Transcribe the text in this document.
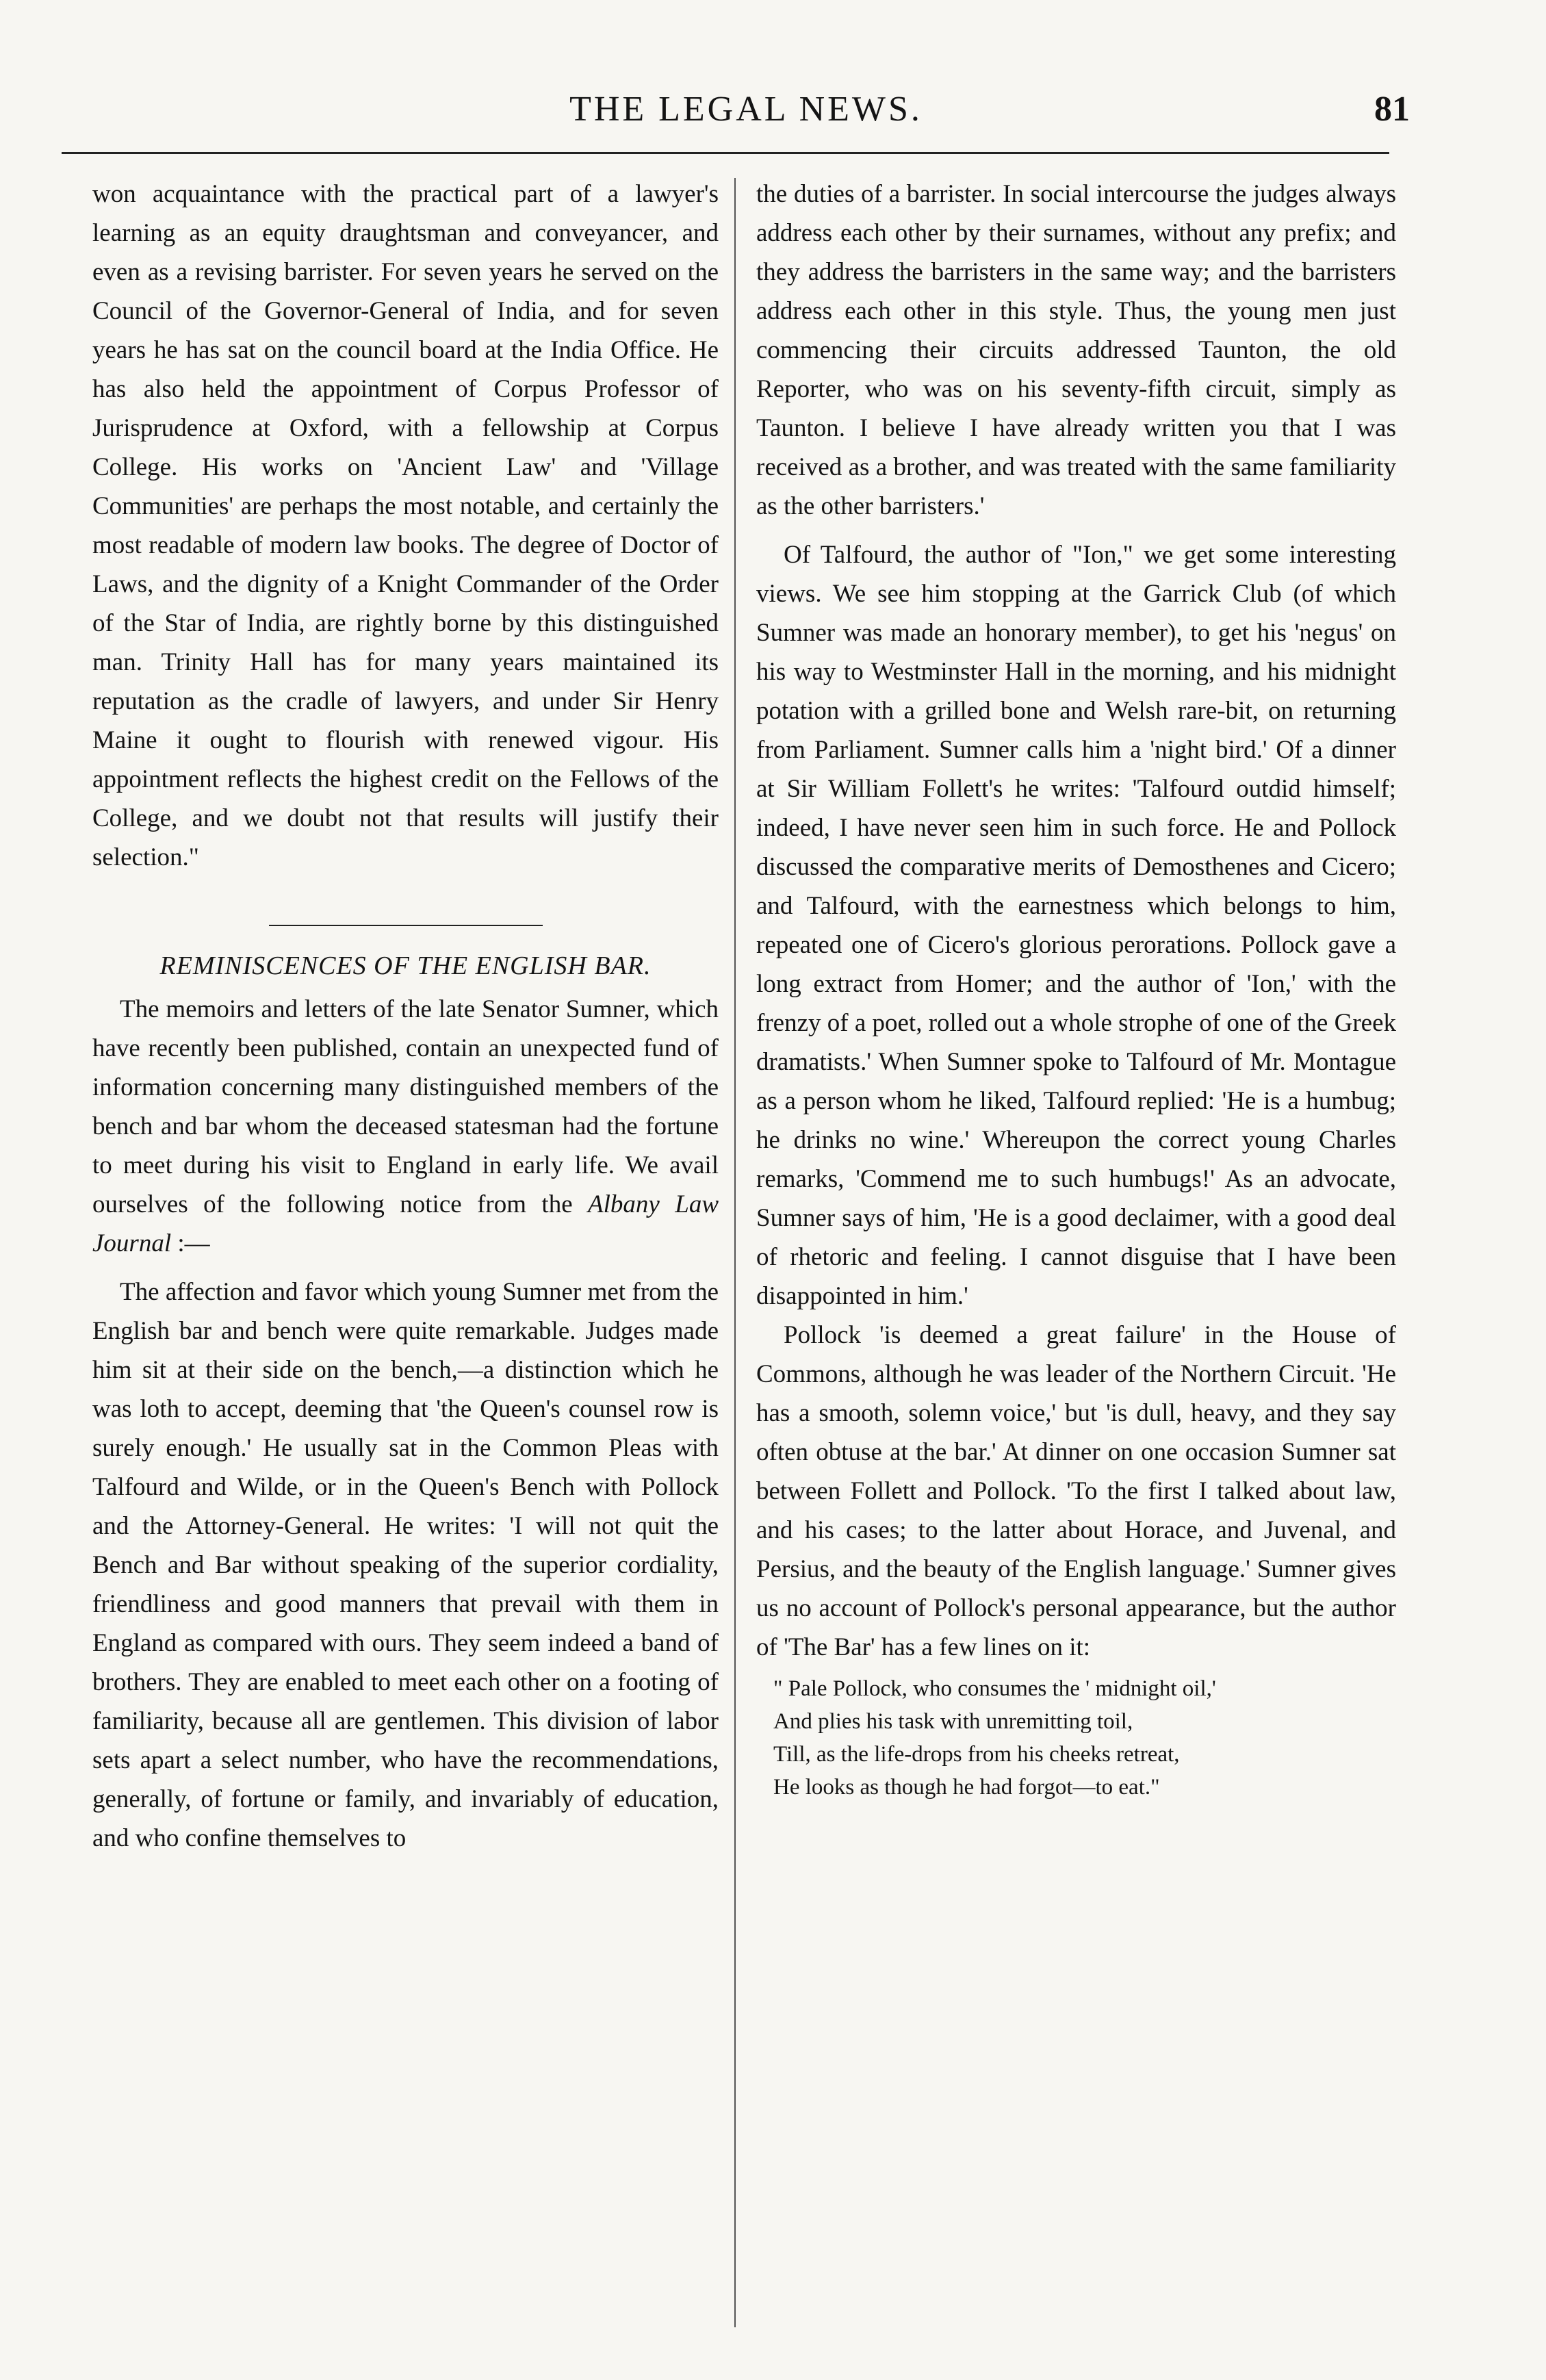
THE LEGAL NEWS.	81

won acquaintance with the practical part of a lawyer's learning as an equity draughtsman and conveyancer, and even as a revising barrister. For seven years he served on the Council of the Governor-General of India, and for seven years he has sat on the council board at the India Office. He has also held the appointment of Corpus Professor of Jurisprudence at Oxford, with a fellowship at Corpus College. His works on 'Ancient Law' and 'Village Communities' are perhaps the most notable, and certainly the most readable of modern law books. The degree of Doctor of Laws, and the dignity of a Knight Commander of the Order of the Star of India, are rightly borne by this distinguished man. Trinity Hall has for many years maintained its reputation as the cradle of lawyers, and under Sir Henry Maine it ought to flourish with renewed vigour. His appointment reflects the highest credit on the Fellows of the College, and we doubt not that results will justify their selection."

REMINISCENCES OF THE ENGLISH BAR.

The memoirs and letters of the late Senator Sumner, which have recently been published, contain an unexpected fund of information concerning many distinguished members of the bench and bar whom the deceased statesman had the fortune to meet during his visit to England in early life. We avail ourselves of the following notice from the Albany Law Journal :—

The affection and favor which young Sumner met from the English bar and bench were quite remarkable. Judges made him sit at their side on the bench,—a distinction which he was loth to accept, deeming that 'the Queen's counsel row is surely enough.' He usually sat in the Common Pleas with Talfourd and Wilde, or in the Queen's Bench with Pollock and the Attorney-General. He writes: 'I will not quit the Bench and Bar without speaking of the superior cordiality, friendliness and good manners that prevail with them in England as compared with ours. They seem indeed a band of brothers. They are enabled to meet each other on a footing of familiarity, because all are gentlemen. This division of labor sets apart a select number, who have the recommendations, generally, of fortune or family, and invariably of education, and who confine themselves to

the duties of a barrister. In social intercourse the judges always address each other by their surnames, without any prefix; and they address the barristers in the same way; and the barristers address each other in this style. Thus, the young men just commencing their circuits addressed Taunton, the old Reporter, who was on his seventy-fifth circuit, simply as Taunton. I believe I have already written you that I was received as a brother, and was treated with the same familiarity as the other barristers.'

Of Talfourd, the author of "Ion," we get some interesting views. We see him stopping at the Garrick Club (of which Sumner was made an honorary member), to get his 'negus' on his way to Westminster Hall in the morning, and his midnight potation with a grilled bone and Welsh rare-bit, on returning from Parliament. Sumner calls him a 'night bird.' Of a dinner at Sir William Follett's he writes: 'Talfourd outdid himself; indeed, I have never seen him in such force. He and Pollock discussed the comparative merits of Demosthenes and Cicero; and Talfourd, with the earnestness which belongs to him, repeated one of Cicero's glorious perorations. Pollock gave a long extract from Homer; and the author of 'Ion,' with the frenzy of a poet, rolled out a whole strophe of one of the Greek dramatists.' When Sumner spoke to Talfourd of Mr. Montague as a person whom he liked, Talfourd replied: 'He is a humbug; he drinks no wine.' Whereupon the correct young Charles remarks, 'Commend me to such humbugs!' As an advocate, Sumner says of him, 'He is a good declaimer, with a good deal of rhetoric and feeling. I cannot disguise that I have been disappointed in him.'

Pollock 'is deemed a great failure' in the House of Commons, although he was leader of the Northern Circuit. 'He has a smooth, solemn voice,' but 'is dull, heavy, and they say often obtuse at the bar.' At dinner on one occasion Sumner sat between Follett and Pollock. 'To the first I talked about law, and his cases; to the latter about Horace, and Juvenal, and Persius, and the beauty of the English language.' Sumner gives us no account of Pollock's personal appearance, but the author of 'The Bar' has a few lines on it:

" Pale Pollock, who consumes the ' midnight oil,'
And plies his task with unremitting toil,
Till, as the life-drops from his cheeks retreat,
He looks as though he had forgot—to eat."
